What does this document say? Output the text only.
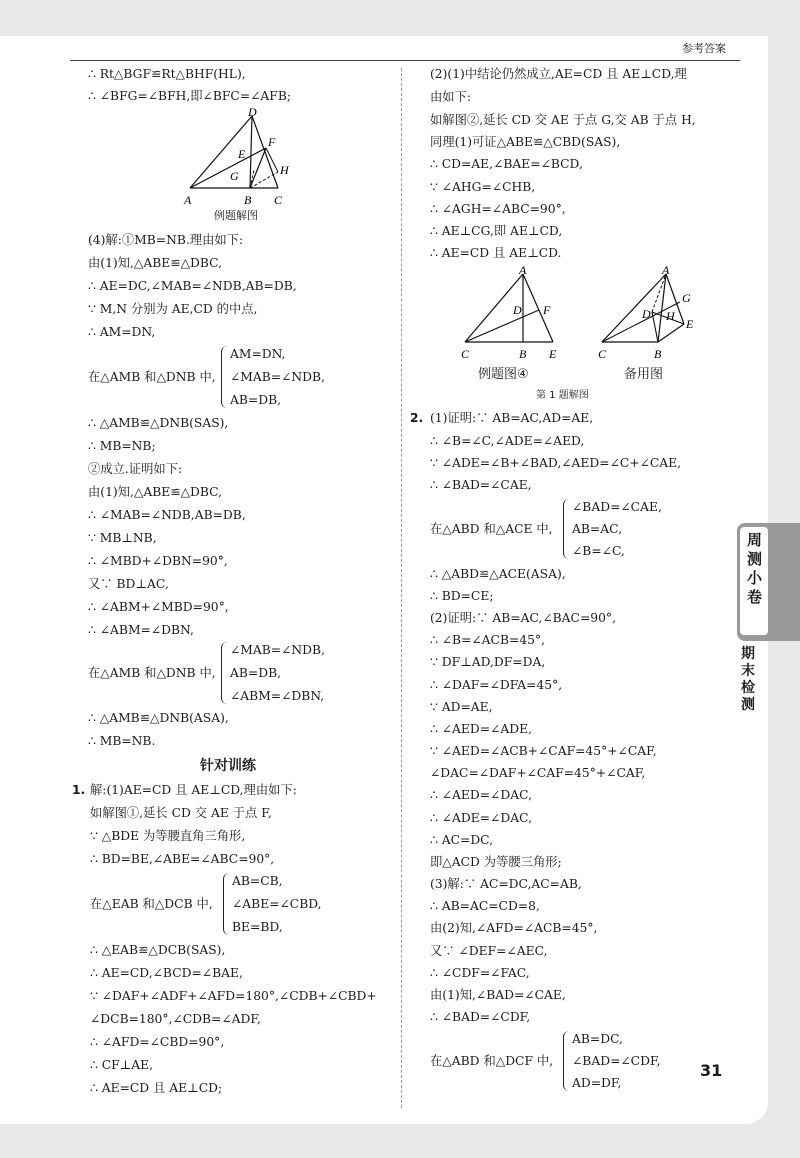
参考答案
∴ Rt△BGF≌Rt△BHF(HL),
∴ ∠BFG=∠BFH,即∠BFC=∠AFB;
D
F
E
G	H
A	B C
例题解图
(4)解:①MB=NB.理由如下:
由(1)知,△ABE≌△DBC,
∴ AE=DC,∠MAB=∠NDB,AB=DB,
∵ M,N 分别为 AE,CD 的中点,
∴ AM=DN,
在△AMB 和△DNB 中,
AM=DN,
∠MAB=∠NDB,
AB=DB,
∴ △AMB≌△DNB(SAS),
∴ MB=NB;
②成立.证明如下:
由(1)知,△ABE≌△DBC,
∴ ∠MAB=∠NDB,AB=DB,
∵ MB⊥NB,
∴ ∠MBD+∠DBN=90°,
又∵ BD⊥AC,
∴ ∠ABM+∠MBD=90°,
∴ ∠ABM=∠DBN,
在△AMB 和△DNB 中,
∠MAB=∠NDB,
AB=DB,
∠ABM=∠DBN,
∴ △AMB≌△DNB(ASA),
∴ MB=NB.
针对训练
1. 解:(1)AE=CD 且 AE⊥CD,理由如下:
如解图①,延长 CD 交 AE 于点 F,
∵ △BDE 为等腰直角三角形,
∴ BD=BE,∠ABE=∠ABC=90°,
在△EAB 和△DCB 中,
AB=CB,
∠ABE=∠CBD,
BE=BD,
∴ △EAB≌△DCB(SAS),
∴ AE=CD,∠BCD=∠BAE,
∵ ∠DAF+∠ADF+∠AFD=180°,∠CDB+∠CBD+
∠DCB=180°,∠CDB=∠ADF,
∴ ∠AFD=∠CBD=90°,
∴ CF⊥AE,
∴ AE=CD 且 AE⊥CD;
(2)(1)中结论仍然成立,AE=CD 且 AE⊥CD,理
由如下:
如解图②,延长 CD 交 AE 于点 G,交 AB 于点 H,
同理(1)可证△ABE≌△CBD(SAS),
∴ CD=AE,∠BAE=∠BCD,
∵ ∠AHG=∠CHB,
∴ ∠AGH=∠ABC=90°,
∴ AE⊥CG,即 AE⊥CD,
∴ AE=CD 且 AE⊥CD.
A
D F
C	B E
A
G
D H
E
C	B
例题图④	备用图
第 1 题解图
2. (1)证明:∵ AB=AC,AD=AE,
∴ ∠B=∠C,∠ADE=∠AED,
∵ ∠ADE=∠B+∠BAD,∠AED=∠C+∠CAE,
∴ ∠BAD=∠CAE,
在△ABD 和△ACE 中,
∠BAD=∠CAE,
AB=AC,
∠B=∠C,
∴ △ABD≌△ACE(ASA),
∴ BD=CE;
(2)证明:∵ AB=AC,∠BAC=90°,
∴ ∠B=∠ACB=45°,
∵ DF⊥AD,DF=DA,
∴ ∠DAF=∠DFA=45°,
∵ AD=AE,
∴ ∠AED=∠ADE,
∵ ∠AED=∠ACB+∠CAF=45°+∠CAF,
∠DAC=∠DAF+∠CAF=45°+∠CAF,
∴ ∠AED=∠DAC,
∴ ∠ADE=∠DAC,
∴ AC=DC,
即△ACD 为等腰三角形;
(3)解:∵ AC=DC,AC=AB,
∴ AB=AC=CD=8,
由(2)知,∠AFD=∠ACB=45°,
又∵ ∠DEF=∠AEC,
∴ ∠CDF=∠FAC,
由(1)知,∠BAD=∠CAE,
∴ ∠BAD=∠CDF,
在△ABD 和△DCF 中,
AB=DC,
∠BAD=∠CDF,
AD=DF,
周测小卷
期末检测
31
